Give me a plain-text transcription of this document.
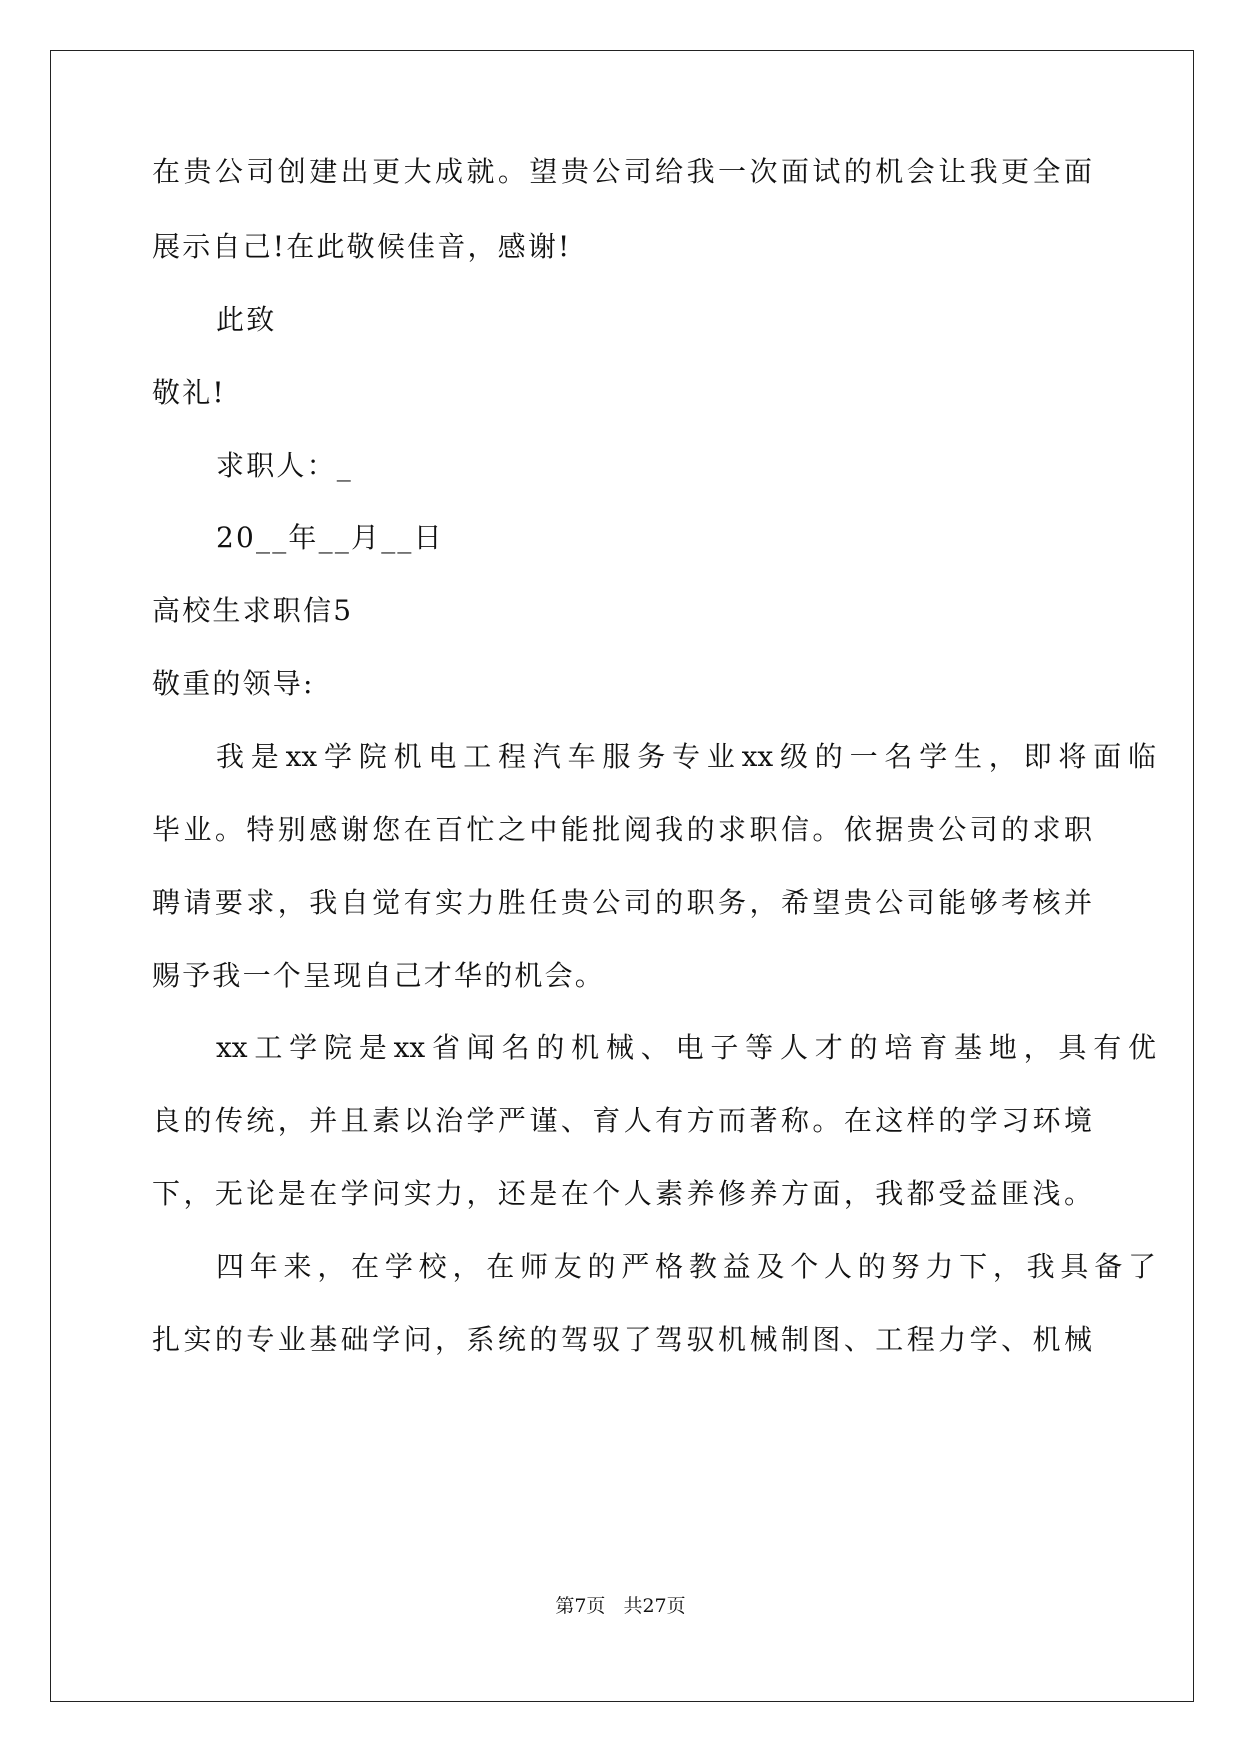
在贵公司创建出更大成就。望贵公司给我一次面试的机会让我更全面
展示自己!在此敬候佳音，感谢!
此致
敬礼!
求职人：_
20__年__月__日
高校生求职信5
敬重的领导:
我是xx学院机电工程汽车服务专业xx级的一名学生，即将面临
毕业。特别感谢您在百忙之中能批阅我的求职信。依据贵公司的求职
聘请要求，我自觉有实力胜任贵公司的职务，希望贵公司能够考核并
赐予我一个呈现自己才华的机会。
xx工学院是xx省闻名的机械、电子等人才的培育基地，具有优
良的传统，并且素以治学严谨、育人有方而著称。在这样的学习环境
下，无论是在学问实力，还是在个人素养修养方面，我都受益匪浅。
四年来，在学校，在师友的严格教益及个人的努力下，我具备了
扎实的专业基础学问，系统的驾驭了驾驭机械制图、工程力学、机械
第7页 共27页
